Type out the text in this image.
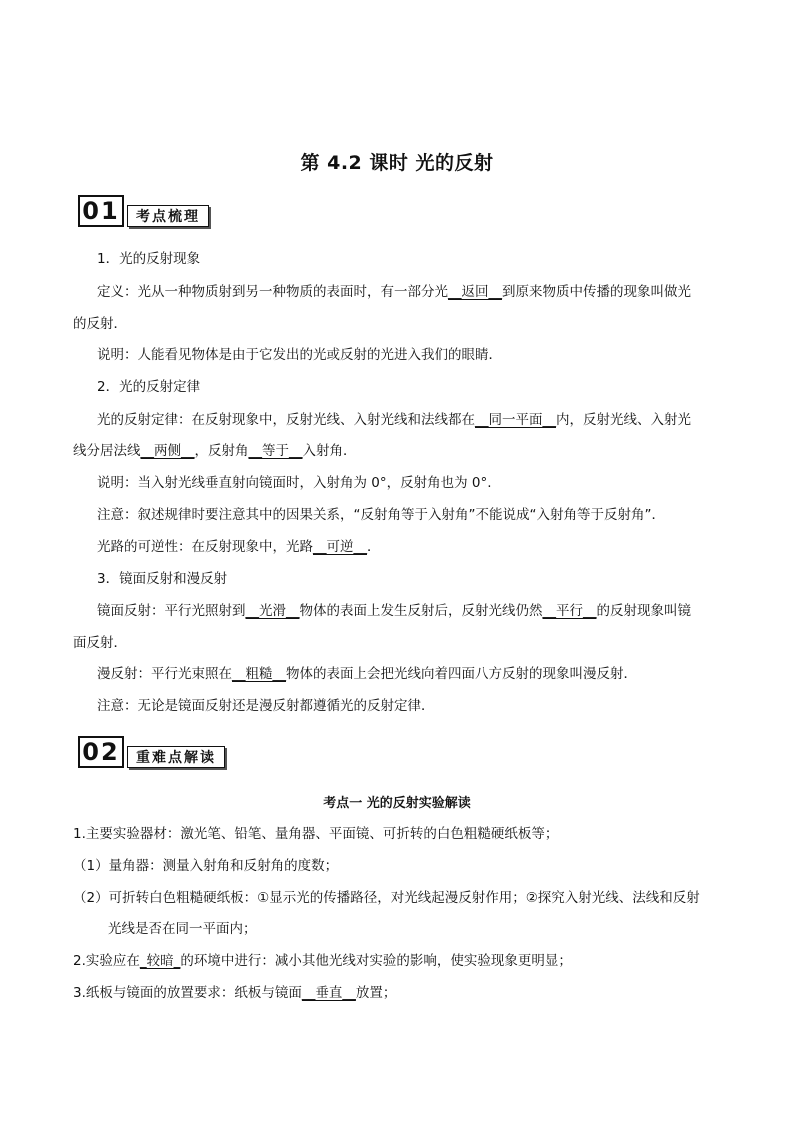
第 4.2 课时 光的反射
01	考点梳理
1．光的反射现象
定义：光从一种物质射到另一种物质的表面时，有一部分光__返回__到原来物质中传播的现象叫做光
的反射．
说明：人能看见物体是由于它发出的光或反射的光进入我们的眼睛．
2．光的反射定律
光的反射定律：在反射现象中，反射光线、入射光线和法线都在__同一平面__内，反射光线、入射光
线分居法线__两侧__，反射角__等于__入射角．
说明：当入射光线垂直射向镜面时，入射角为 0°，反射角也为 0°.
注意：叙述规律时要注意其中的因果关系，“反射角等于入射角”不能说成“入射角等于反射角”．
光路的可逆性：在反射现象中，光路__可逆__．
3．镜面反射和漫反射
镜面反射：平行光照射到__光滑__物体的表面上发生反射后，反射光线仍然__平行__的反射现象叫镜
面反射．
漫反射：平行光束照在__粗糙__物体的表面上会把光线向着四面八方反射的现象叫漫反射．
注意：无论是镜面反射还是漫反射都遵循光的反射定律．
02	重难点解读
考点一 光的反射实验解读
1.主要实验器材：激光笔、铅笔、量角器、平面镜、可折转的白色粗糙硬纸板等；
（1）量角器：测量入射角和反射角的度数；
（2）可折转白色粗糙硬纸板：①显示光的传播路径，对光线起漫反射作用；②探究入射光线、法线和反射
光线是否在同一平面内；
2.实验应在_较暗_的环境中进行：减小其他光线对实验的影响，使实验现象更明显；
3.纸板与镜面的放置要求：纸板与镜面__垂直__放置；
